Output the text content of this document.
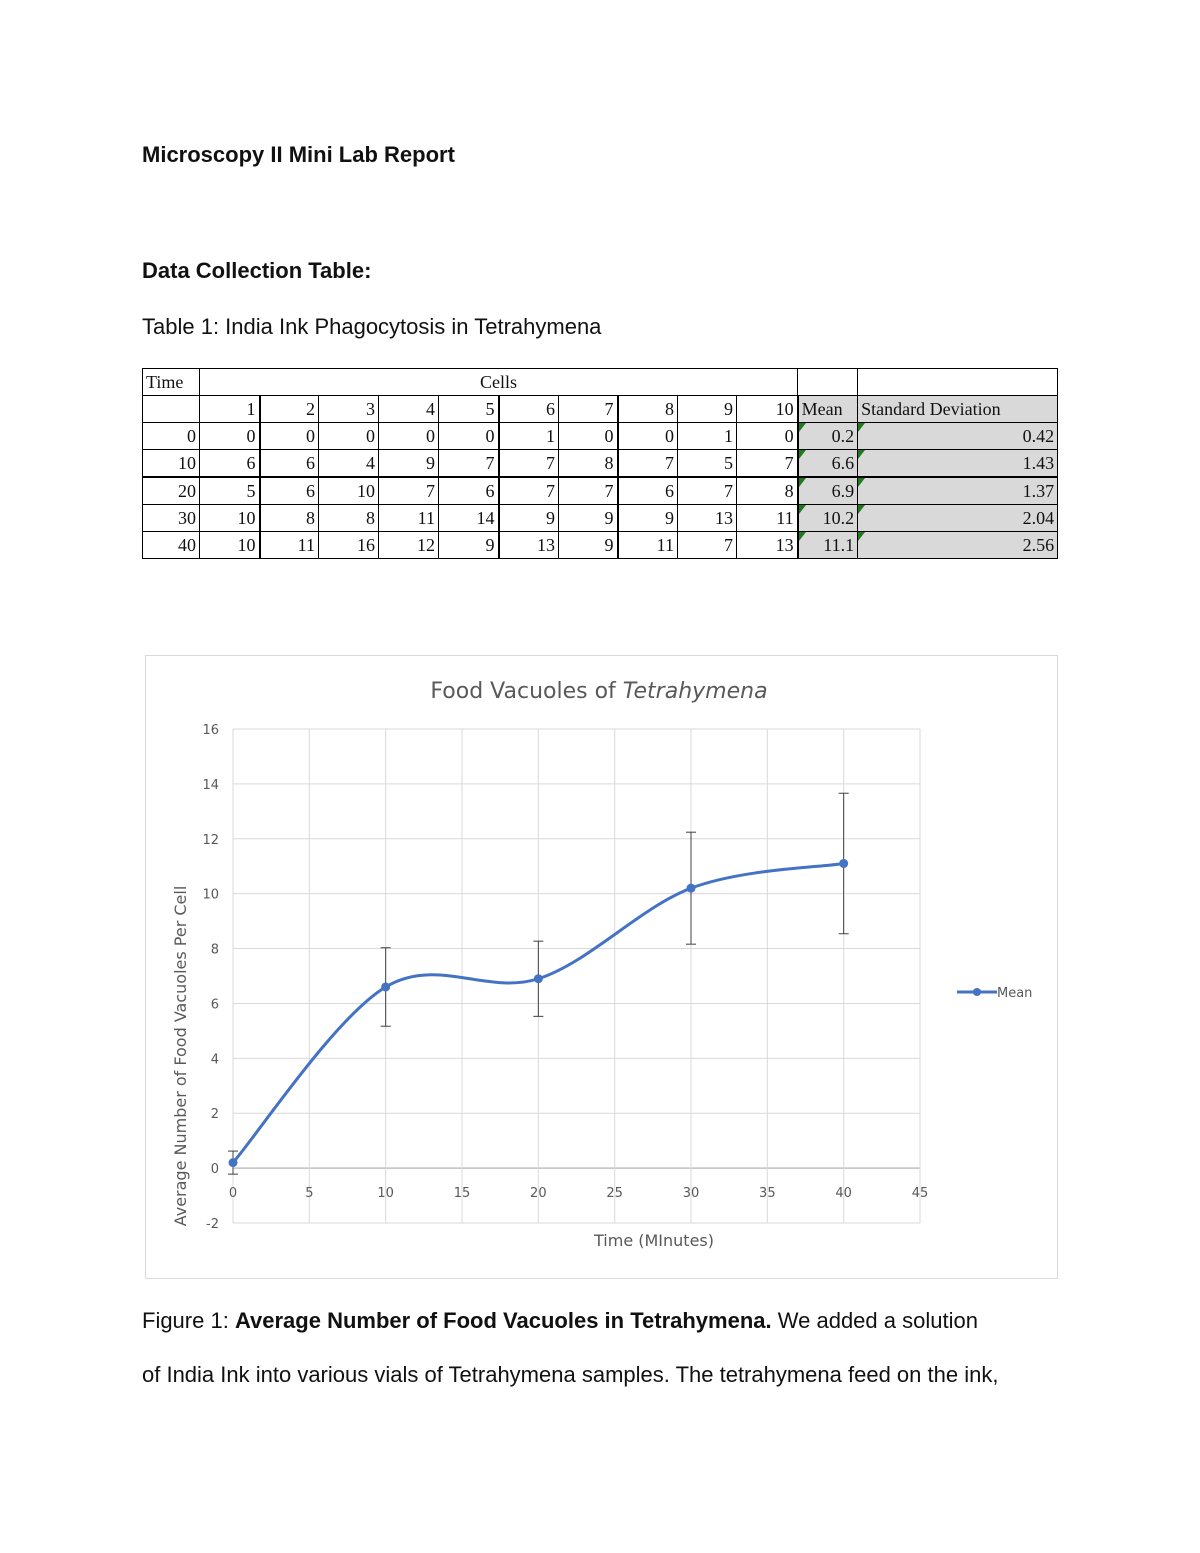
Microscopy II Mini Lab Report
Data Collection Table:
Table 1: India Ink Phagocytosis in Tetrahymena
Time	Cells											
	1	2	3	4	5	6	7	8	9	10	Mean	Standard Deviation
0	0	0	0	0	0	1	0	0	1	0	0.2	0.42
10	6	6	4	9	7	7	8	7	5	7	6.6	1.43
20	5	6	10	7	6	7	7	6	7	8	6.9	1.37
30	10	8	8	11	14	9	9	9	13	11	10.2	2.04
40	10	11	16	12	9	13	9	11	7	13	11.1	2.56
Food Vacuoles of Tetrahymena
-2
0
2
4
6
8
10
12
14
16
0	5	10	15	20	25	30	35	40	45
Time (MInutes)
Average Number of Food Vacuoles Per Cell	Mean
Figure 1: Average Number of Food Vacuoles in Tetrahymena. We added a solution
of India Ink into various vials of Tetrahymena samples. The tetrahymena feed on the ink,
